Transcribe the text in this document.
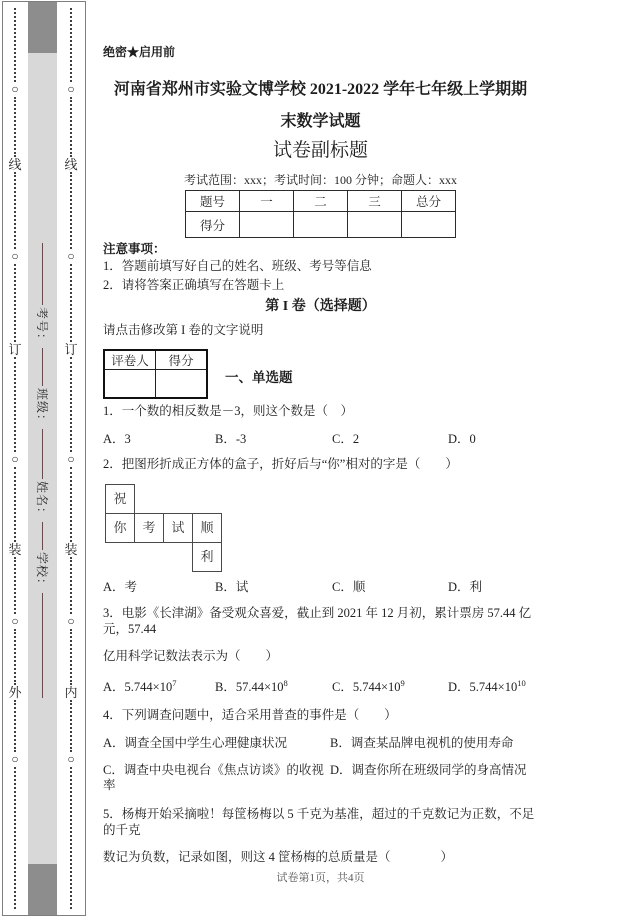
○
线
○
订
○
装
○
外
○
考号：
班级：
姓名：
学校：
○
线
○
订
○
装
○
内
○
绝密★启用前
河南省郑州市实验文博学校 2021-2022 学年七年级上学期期
末数学试题
试卷副标题
考试范围：xxx；考试时间：100 分钟；命题人：xxx
题号	一	二	三	总分
得分				
注意事项：
1．答题前填写好自己的姓名、班级、考号等信息
2．请将答案正确填写在答题卡上
第 I 卷（选择题）
请点击修改第 I 卷的文字说明
评卷人	得分

一、单选题
1．一个数的相反数是－3，则这个数是（　）
A．3	B．-3	C．2	D．0
2．把图形折成正方体的盒子，折好后与“你”相对的字是（　　）
祝
你	考	试	顺
利
A．考	B．试	C．顺	D．利
3．电影《长津湖》备受观众喜爱，截止到 2021 年 12 月初，累计票房 57.44 亿元，57.44
亿用科学记数法表示为（　　）
A．$5.744\times 10^7$	B．$57.44\times 10^8$	C．$5.744\times 10^9$	D．$5.744\times 10^{10}$
4．下列调查问题中，适合采用普查的事件是（　　）
A．调查全国中学生心理健康状况	B．调查某品牌电视机的使用寿命
C．调查中央电视台《焦点访谈》的收视率
D．调查你所在班级同学的身高情况
5．杨梅开始采摘啦！每筐杨梅以 5 千克为基准，超过的千克数记为正数，不足的千克
数记为负数，记录如图，则这 4 筐杨梅的总质量是（　　　　）
试卷第1页，共4页
